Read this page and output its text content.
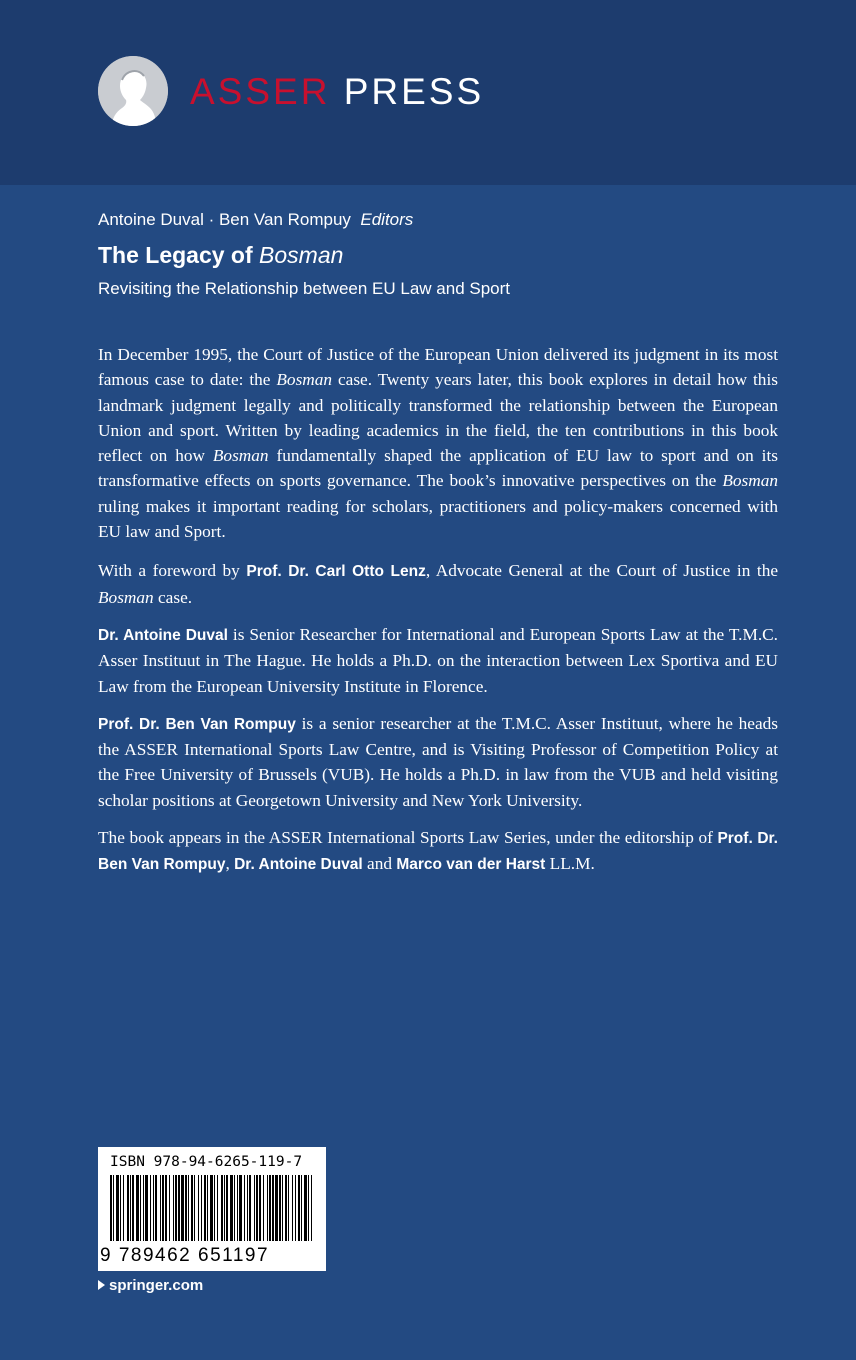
ASSER PRESS
Antoine Duval · Ben Van Rompuy Editors
The Legacy of Bosman
Revisiting the Relationship between EU Law and Sport

In December 1995, the Court of Justice of the European Union delivered its judgment in its most famous case to date: the Bosman case. Twenty years later, this book explores in detail how this landmark judgment legally and politically transformed the relationship between the European Union and sport. Written by leading academics in the field, the ten contributions in this book reflect on how Bosman fundamentally shaped the application of EU law to sport and on its transformative effects on sports governance. The book’s innovative perspectives on the Bosman ruling makes it important reading for scholars, practitioners and policy-makers concerned with EU law and Sport.

With a foreword by Prof. Dr. Carl Otto Lenz, Advocate General at the Court of Justice in the Bosman case.

Dr. Antoine Duval is Senior Researcher for International and European Sports Law at the T.M.C. Asser Instituut in The Hague. He holds a Ph.D. on the interaction between Lex Sportiva and EU Law from the European University Institute in Florence.

Prof. Dr. Ben Van Rompuy is a senior researcher at the T.M.C. Asser Instituut, where he heads the ASSER International Sports Law Centre, and is Visiting Professor of Competition Policy at the Free University of Brussels (VUB). He holds a Ph.D. in law from the VUB and held visiting scholar positions at Georgetown University and New York University.

The book appears in the ASSER International Sports Law Series, under the editorship of Prof. Dr. Ben Van Rompuy, Dr. Antoine Duval and Marco van der Harst LL.M.

ISBN 978-94-6265-119-7
9 789462 651197
springer.com
